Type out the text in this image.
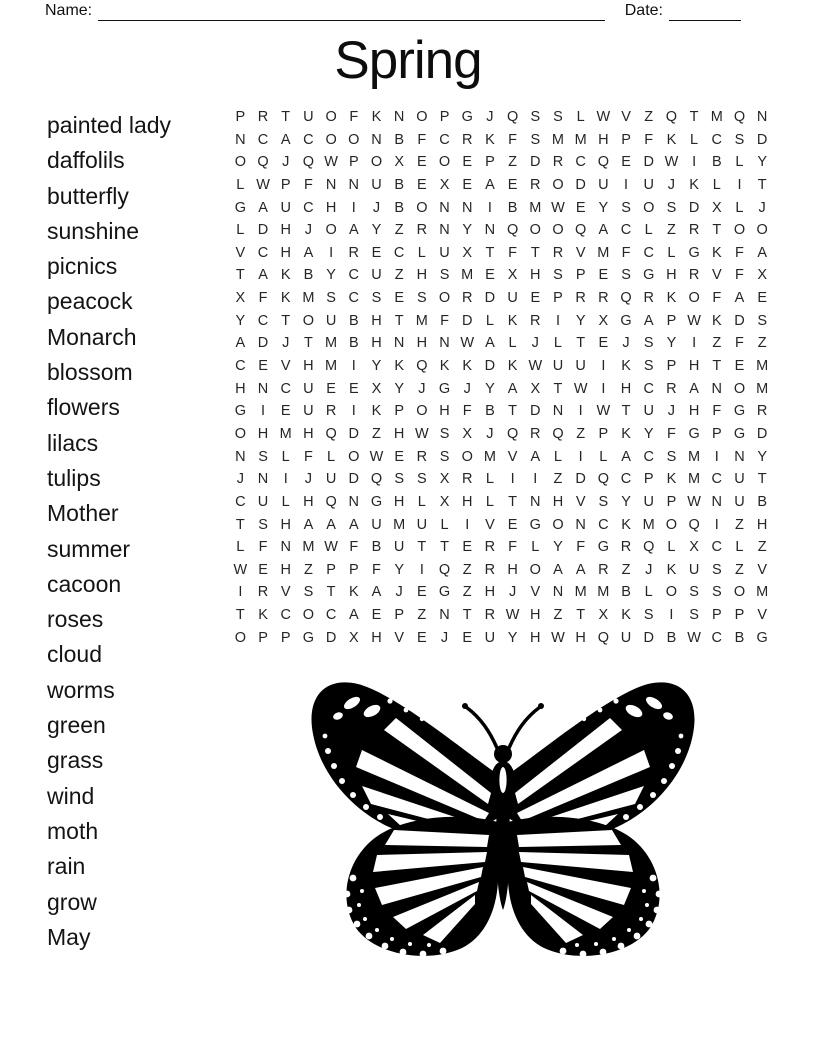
Name:	Date:
Spring
painted lady
daffolils
butterfly
sunshine
picnics
peacock
Monarch
blossom
flowers
lilacs
tulips
Mother
summer
cacoon
roses
cloud
worms
green
grass
wind
moth
rain
grow
May
P R T U O F K N O P G J Q S S L W V Z Q T M Q N
N C A C O O N B F C R K F S M M H P F K L C S D
O Q J Q W P O X E O E P Z D R C Q E D W I	B L Y
L W P F N N U B E X E A E R O D U	I	U J K L	I	T
G A U C H	I	J B O N N	I	B M W E Y S O S D X L	J
L D H J O A Y Z R N Y N Q O O Q A C L Z R T O O
V C H A	I	R E C L U X T F T R V M F C L G K F A
T A K B Y C U Z H S M E X H S P E S G H R V F X
X F K M S C S E S O R D U E P R R Q R K O F A E
Y C T O U B H T M F D L K R	I	Y X G A P W K D S
A D J	T M B H N H N W A L	J	L T E J S Y	I	Z F Z
C E V H M	I	Y K Q K K D K W U U	I	K S P H T E M
H N C U E E X Y J G J Y A X T W I	H C R A N O M
G	I	E U R	I	K P O H F B T D N	I W T U J H F G R
O H M H Q D Z H W S X J Q R Q Z P K Y F G P G D
N S L F L O W E R S O M V A L	I	L A C S M	I	N Y
J N	I	J U D Q S S X R L	I	I	Z D Q C P K M C U T
C U L H Q N G H L X H L T N H V S Y U P W N U B
T S H A A A U M U L	I	V E G O N C K M O Q	I	Z H
L F N M W F B U T T E R F L Y F G R Q L X C L Z
W E H Z P P F Y	I	Q Z R H O A A R Z	J K U S Z V
I	R V S T K A J E G Z H J V N M M B L O S S O M
T K C O C A E P Z N T R W H Z T X K S	I	S P P V
O P P G D X H V E J E U Y H W H Q U D B W C B G
